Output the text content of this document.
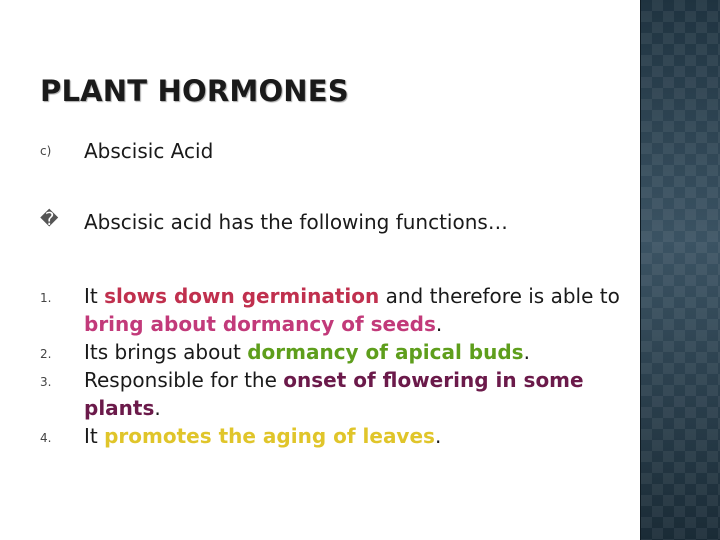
PLANT HORMONES
c) Abscisic Acid
� Abscisic acid has the following functions…
1. It slows down germination and therefore is able to bring about dormancy of seeds.
2. Its brings about dormancy of apical buds.
3. Responsible for the onset of flowering in some plants.
4. It promotes the aging of leaves.
